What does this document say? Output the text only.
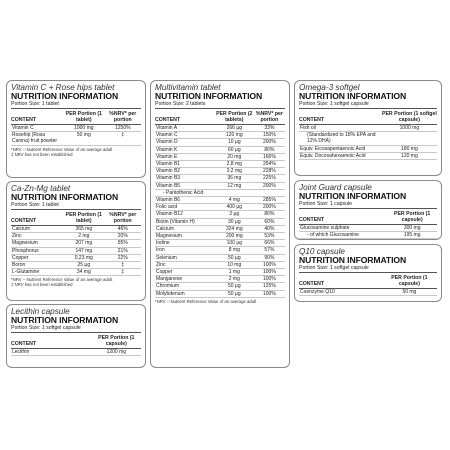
Vitamin C + Rose hips tablet
NUTRITION INFORMATION
Portion Size: 1 tablet
CONTENT	PER Portion (1 tablet)	%NRV* per portion
Vitamin C	1000 mg	1250%
Rosehip (Rosa Canina) fruit powder	50 mg	‡
*NRV – Nutrient Reference Value of an average adult
‡ NRV has not been established
Ca-Zn-Mg tablet
NUTRITION INFORMATION
Portion Size: 1 tablet
CONTENT	PER Portion (1 tablet)	%NRV* per portion
Calcium	365 mg	46%
Zinc	2 mg	20%
Magnesium	207 mg	55%
Phosphorus	147 mg	21%
Copper	0,23 mg	22%
Boron	25 µg	‡
L-Glutamine	34 mg	‡
*NRV – Nutrient Reference Value of an average adult
‡ NRV has not been established
Lecithin capsule
NUTRITION INFORMATION
Portion Size: 1 softgel capsule
CONTENT	PER Portion (1 capsule)
Lecithin	1200 mg
Multivitamin tablet
NUTRITION INFORMATION
Portion Size: 2 tablets
CONTENT	PER Portion (2 tablets)	%NRV* per portion
Vitamin A	266 µg	33%
Vitamin C	120 mg	150%
Vitamin D	10 µg	200%
Vitamin K	60 µg	80%
Vitamin E	20 mg	166%
Vitamin B1	2,8 mg	254%
Vitamin B2	3,2 mg	228%
Vitamin B3	36 mg	225%
Vitamin B5	12 mg	200%
- Pantothenic Acid		
Vitamin B6	4 mg	285%
Folic acid	400 µg	200%
Vitamin B12	2 µg	80%
Biotin (Vitamin H)	30 µg	60%
Calcium	324 mg	40%
Magnesium	200 mg	53%
Iodine	100 µg	66%
Iron	8 mg	57%
Selenium	50 µg	90%
Zinc	10 mg	100%
Copper	1 mg	100%
Manganese	2 mg	100%
Chromium	50 µg	125%
Molybdenum	50 µg	100%
*NRV – Nutrient Reference Value of an average adult
Omega-3 softgel
NUTRITION INFORMATION
Portion Size: 1 softgel capsule
CONTENT	PER Portion (1 softgel capsule)
Fish oil	1000 mg
(Standardized to 18% EPA and 12% DHA)	
Equiv. Eicosapentaenoic Acid	180 mg
Equiv. Docosahexaenoic Acid	120 mg
Joint Guard capsule
NUTRITION INFORMATION
Portion Size: 1 capsule
CONTENT	PER Portion (1 capsule)
Glucosamine sulphate	300 mg
- of which Glucosamine	195 mg

Q10 capsule
NUTRITION INFORMATION
Portion Size: 1 softgel capsule
CONTENT	PER Portion (1 capsule)
Coenzyme Q10	50 mg
